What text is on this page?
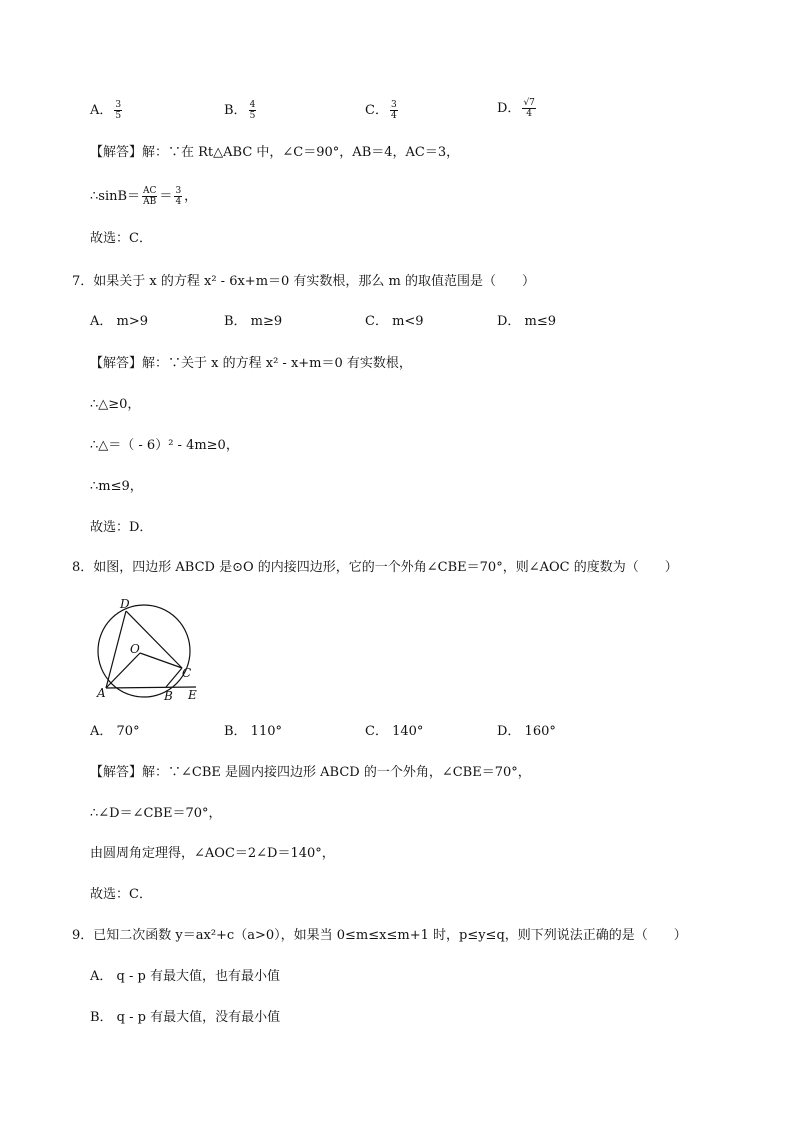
A． $\frac{3}{5}$	B． $\frac{4}{5}$	C． $\frac{3}{4}$	D． $\frac{√7}{4}$
【解答】解：∵在 Rt△ABC 中，∠C＝90°，AB＝4，AC＝3，
∴sinB＝ $\frac{AC}{AB} = \frac{3}{4}$ ，
故选：C．
7．如果关于 x 的方程 x² - 6x+m＝0 有实数根，那么 m 的取值范围是（　　）
A． m>9	B． m≥9	C． m<9	D． m≤9
【解答】解：∵关于 x 的方程 x² - x+m＝0 有实数根，
∴△≥0，
∴△＝（ - 6）² - 4m≥0，
∴m≤9，
故选：D．
8．如图，四边形 ABCD 是⊙O 的内接四边形，它的一个外角∠CBE＝70°，则∠AOC 的度数为（　　）
D
O
C
A	B E
A． 70°	B． 110°	C． 140°	D． 160°
【解答】解：∵∠CBE 是圆内接四边形 ABCD 的一个外角，∠CBE＝70°，
∴∠D＝∠CBE＝70°，
由圆周角定理得，∠AOC＝2∠D＝140°，
故选：C．
9．已知二次函数 y＝ax²+c（a>0），如果当 0≤m≤x≤m+1 时，p≤y≤q，则下列说法正确的是（　　）
A． q - p 有最大值，也有最小值
B． q - p 有最大值，没有最小值
